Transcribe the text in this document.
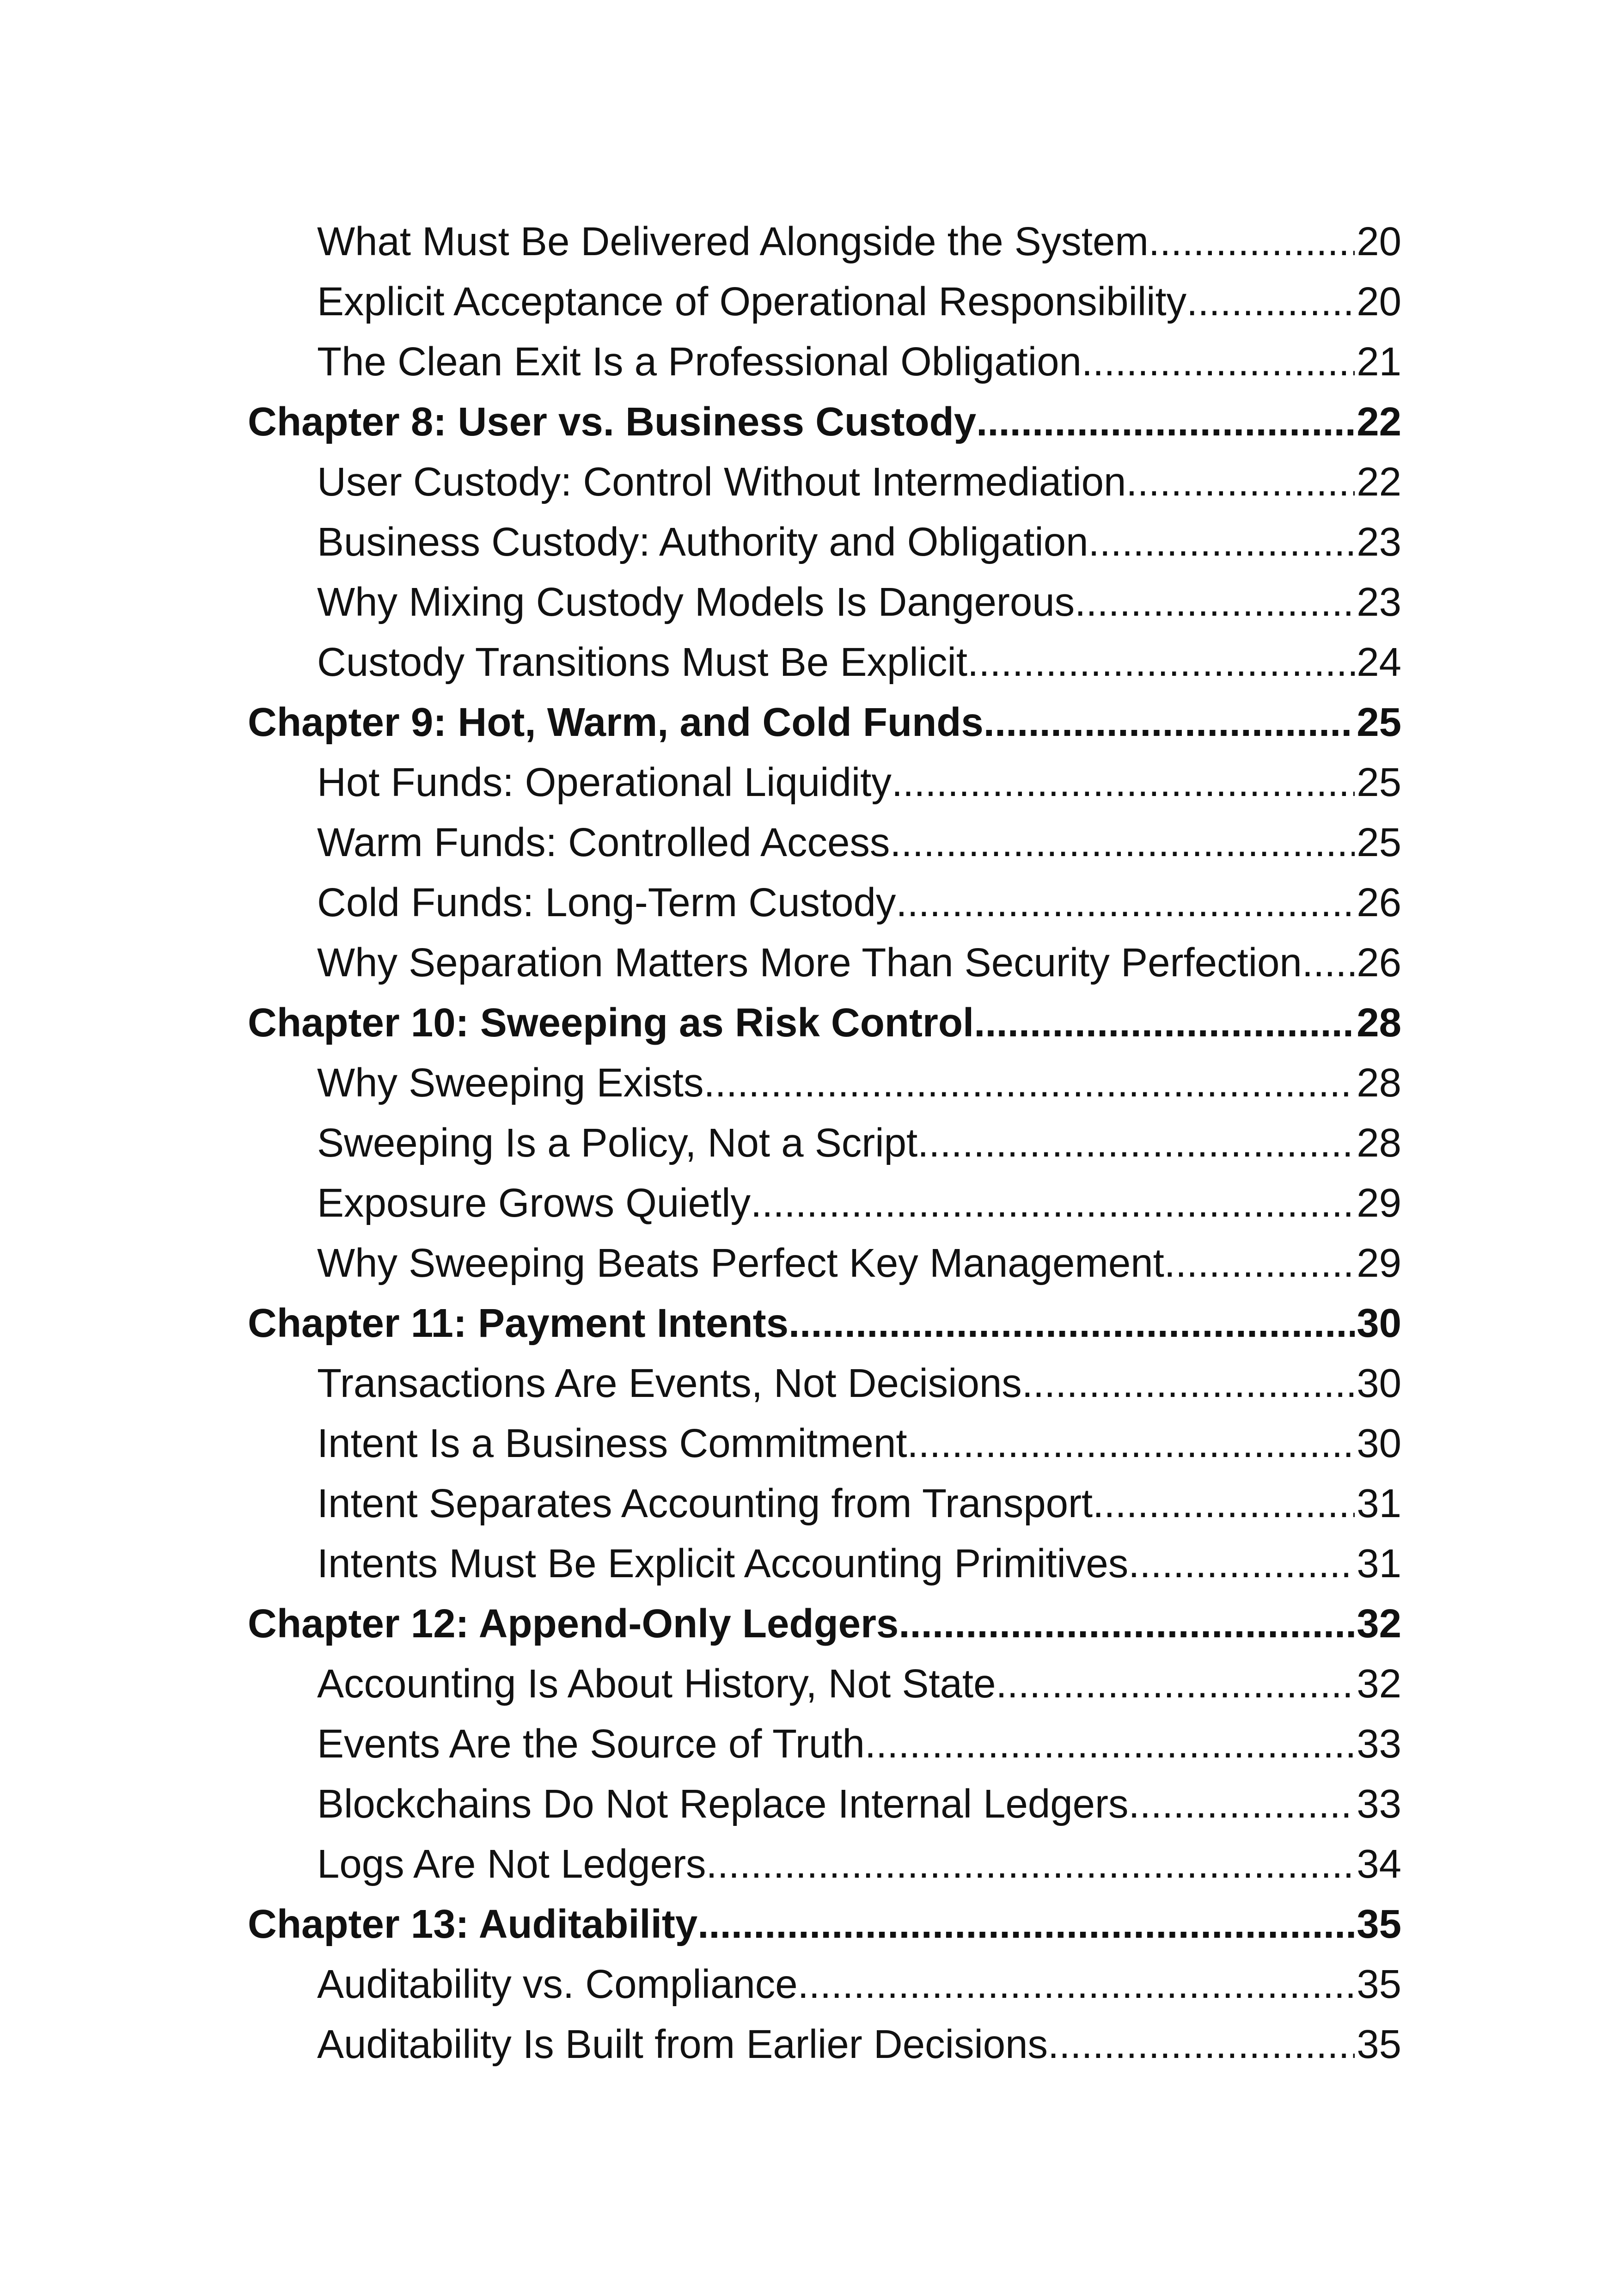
What Must Be Delivered Alongside the System .....	20
Explicit Acceptance of Operational Responsibility .....	20
The Clean Exit Is a Professional Obligation .....	21
Chapter 8: User vs. Business Custody .....	22
User Custody: Control Without Intermediation .....	22
Business Custody: Authority and Obligation .....	23
Why Mixing Custody Models Is Dangerous .....	23
Custody Transitions Must Be Explicit .....	24
Chapter 9: Hot, Warm, and Cold Funds .....	25
Hot Funds: Operational Liquidity .....	25
Warm Funds: Controlled Access .....	25
Cold Funds: Long-Term Custody .....	26
Why Separation Matters More Than Security Perfection ..... 26
Chapter 10: Sweeping as Risk Control .....	28
Why Sweeping Exists .....	28
Sweeping Is a Policy, Not a Script .....	28
Exposure Grows Quietly .....	29
Why Sweeping Beats Perfect Key Management .....	29
Chapter 11: Payment Intents .....	30
Transactions Are Events, Not Decisions .....	30
Intent Is a Business Commitment .....	30
Intent Separates Accounting from Transport .....	31
Intents Must Be Explicit Accounting Primitives .....	31
Chapter 12: Append-Only Ledgers .....	32
Accounting Is About History, Not State .....	32
Events Are the Source of Truth .....	33
Blockchains Do Not Replace Internal Ledgers .....	33
Logs Are Not Ledgers .....	34
Chapter 13: Auditability .....	35
Auditability vs. Compliance .....	35
Auditability Is Built from Earlier Decisions .....	35
